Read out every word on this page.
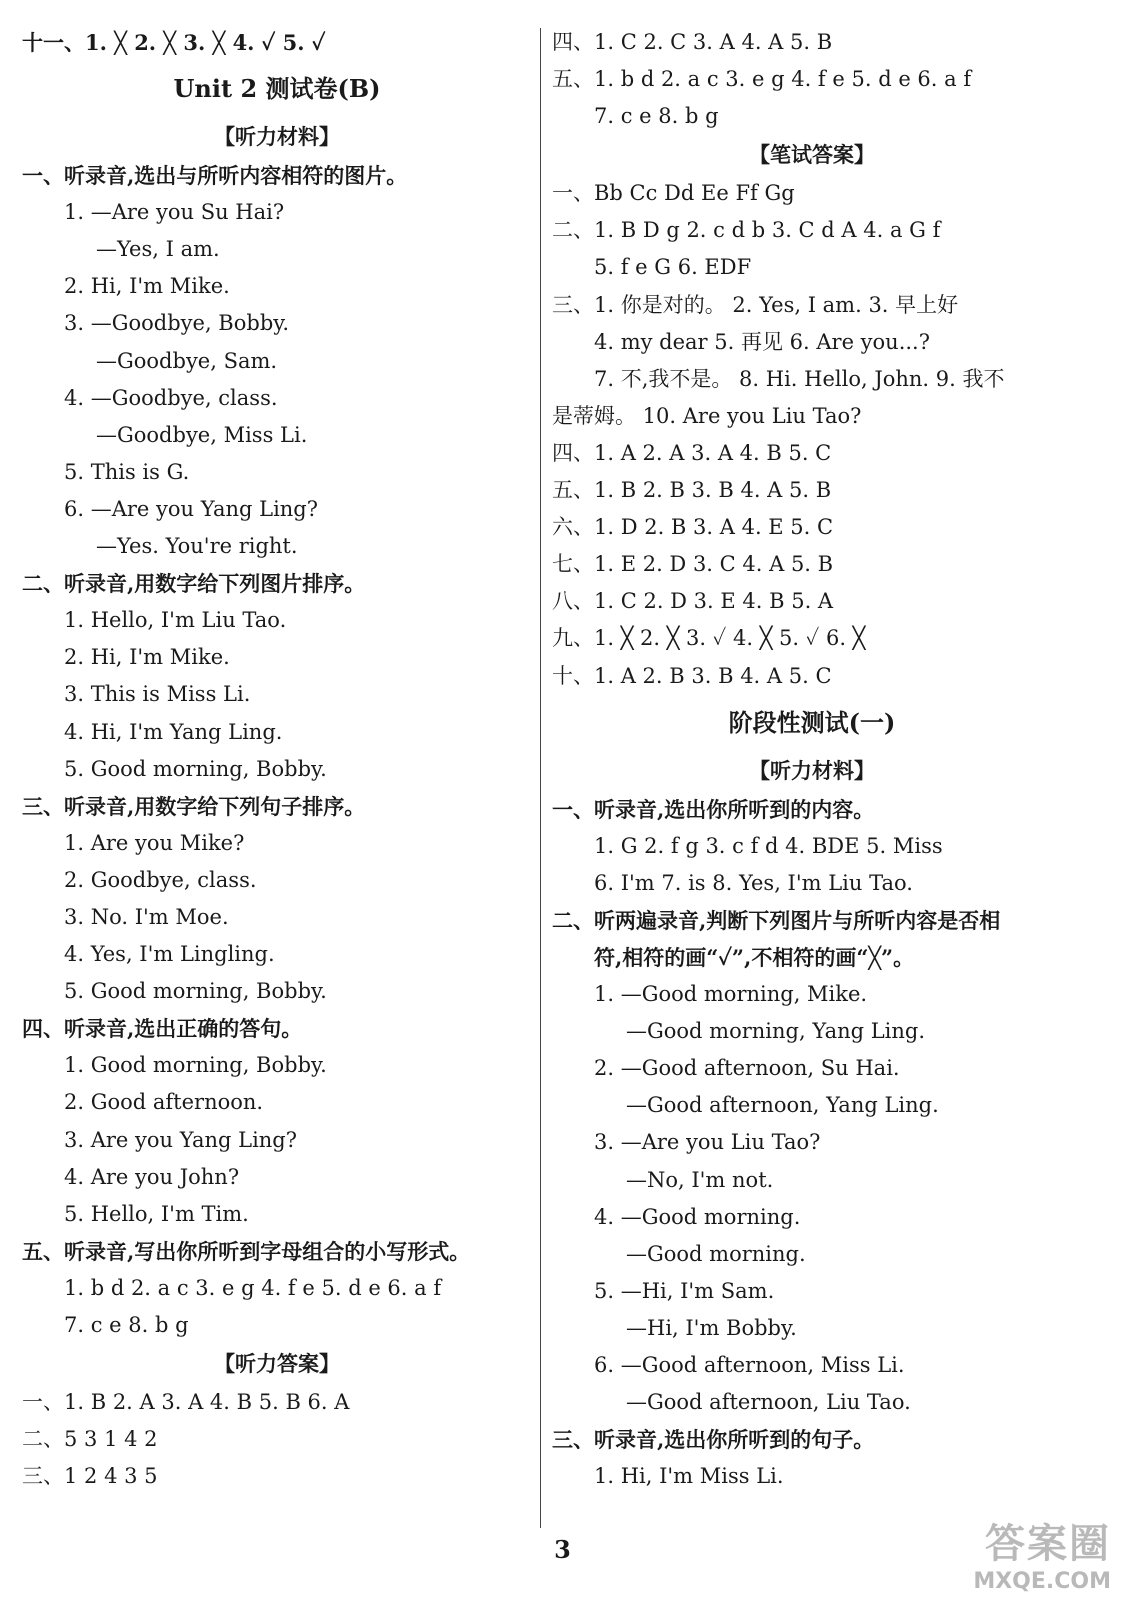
十一、1. ╳ 2. ╳ 3. ╳ 4. ✓ 5. ✓
Unit 2 测试卷(B)
【听力材料】
一、听录音,选出与所听内容相符的图片。
1. —Are you Su Hai?
—Yes, I am.
2. Hi, I'm Mike.
3. —Goodbye, Bobby.
—Goodbye, Sam.
4. —Goodbye, class.
—Goodbye, Miss Li.
5. This is G.
6. —Are you Yang Ling?
—Yes. You're right.
二、听录音,用数字给下列图片排序。
1. Hello, I'm Liu Tao.
2. Hi, I'm Mike.
3. This is Miss Li.
4. Hi, I'm Yang Ling.
5. Good morning, Bobby.
三、听录音,用数字给下列句子排序。
1. Are you Mike?
2. Goodbye, class.
3. No. I'm Moe.
4. Yes, I'm Lingling.
5. Good morning, Bobby.
四、听录音,选出正确的答句。
1. Good morning, Bobby.
2. Good afternoon.
3. Are you Yang Ling?
4. Are you John?
5. Hello, I'm Tim.
五、听录音,写出你所听到字母组合的小写形式。
1. b d 2. a c 3. e g 4. f e 5. d e 6. a f
7. c e 8. b g
【听力答案】
一、1. B 2. A 3. A 4. B 5. B 6. A
二、5 3 1 4 2
三、1 2 4 3 5
四、1. C 2. C 3. A 4. A 5. B
五、1. b d 2. a c 3. e g 4. f e 5. d e 6. a f
7. c e 8. b g
【笔试答案】
一、Bb Cc Dd Ee Ff Gg
二、1. B D g 2. c d b 3. C d A 4. a G f
5. f e G 6. EDF
三、1. 你是对的。 2. Yes, I am. 3. 早上好
4. my dear 5. 再见 6. Are you...?
7. 不,我不是。 8. Hi. Hello, John. 9. 我不
是蒂姆。 10. Are you Liu Tao?
四、1. A 2. A 3. A 4. B 5. C
五、1. B 2. B 3. B 4. A 5. B
六、1. D 2. B 3. A 4. E 5. C
七、1. E 2. D 3. C 4. A 5. B
八、1. C 2. D 3. E 4. B 5. A
九、1. ╳ 2. ╳ 3. ✓ 4. ╳ 5. ✓ 6. ╳
十、1. A 2. B 3. B 4. A 5. C
阶段性测试(一)
【听力材料】
一、听录音,选出你所听到的内容。
1. G 2. f g 3. c f d 4. BDE 5. Miss
6. I'm 7. is 8. Yes, I'm Liu Tao.
二、听两遍录音,判断下列图片与所听内容是否相
符,相符的画“✓”,不相符的画“╳”。
1. —Good morning, Mike.
—Good morning, Yang Ling.
2. —Good afternoon, Su Hai.
—Good afternoon, Yang Ling.
3. —Are you Liu Tao?
—No, I'm not.
4. —Good morning.
—Good morning.
5. —Hi, I'm Sam.
—Hi, I'm Bobby.
6. —Good afternoon, Miss Li.
—Good afternoon, Liu Tao.
三、听录音,选出你所听到的句子。
1. Hi, I'm Miss Li.
3	答案圈
MXQE.COM
